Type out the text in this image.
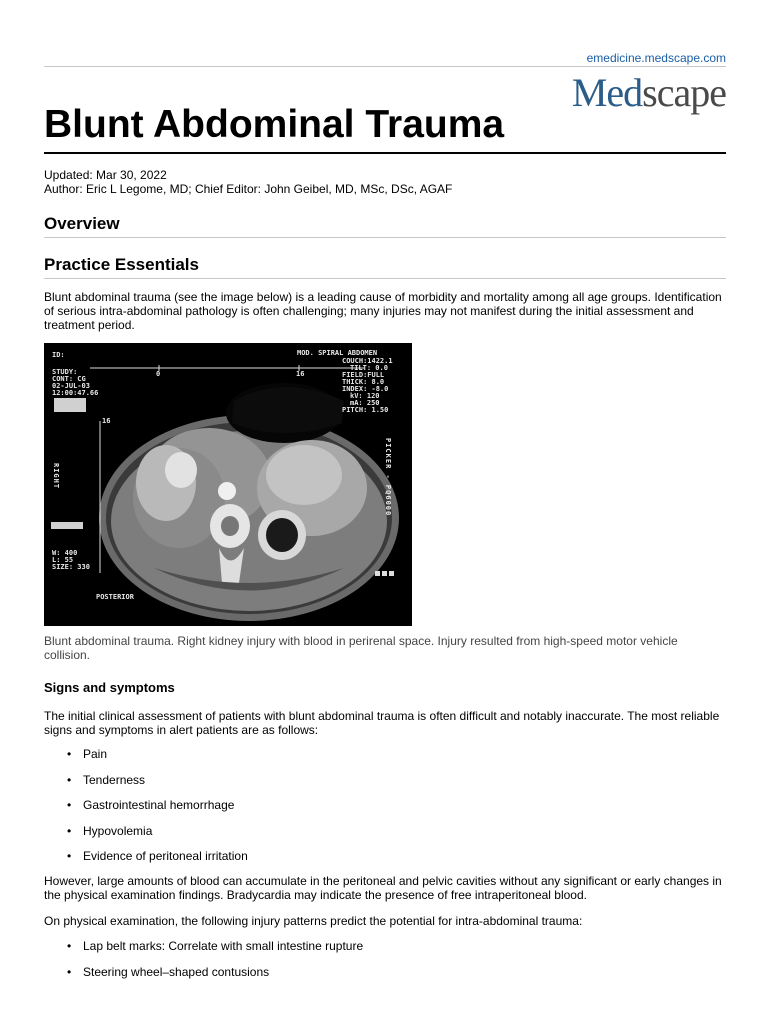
emedicine.medscape.com
Medscape
Blunt Abdominal Trauma
Updated: Mar 30, 2022
Author: Eric L Legome, MD; Chief Editor: John Geibel, MD, MSc, DSc, AGAF
Overview
Practice Essentials

Blunt abdominal trauma (see the image below) is a leading cause of morbidity and mortality among all age groups. Identification of serious intra-abdominal pathology is often challenging; many injuries may not manifest during the initial assessment and treatment period.

ID:
STUDY:
CONT: CG
02-JUL-03
12:00:47.66
MOD. SPIRAL ABDOMEN
COUCH:1422.1
TILT: 0.0
FIELD:FULL
THICK: 8.0
INDEX: -8.0
kV: 120
mA: 250
PITCH: 1.50
0	16
16
RIGHT	PICKER - PQ6000
W: 400
L: 55
SIZE: 330
POSTERIOR

Blunt abdominal trauma. Right kidney injury with blood in perirenal space. Injury resulted from high-speed motor vehicle collision.

Signs and symptoms

The initial clinical assessment of patients with blunt abdominal trauma is often difficult and notably inaccurate. The most reliable signs and symptoms in alert patients are as follows:

• Pain
• Tenderness
• Gastrointestinal hemorrhage
• Hypovolemia
• Evidence of peritoneal irritation

However, large amounts of blood can accumulate in the peritoneal and pelvic cavities without any significant or early changes in the physical examination findings. Bradycardia may indicate the presence of free intraperitoneal blood.

On physical examination, the following injury patterns predict the potential for intra-abdominal trauma:

• Lap belt marks: Correlate with small intestine rupture
• Steering wheel–shaped contusions
